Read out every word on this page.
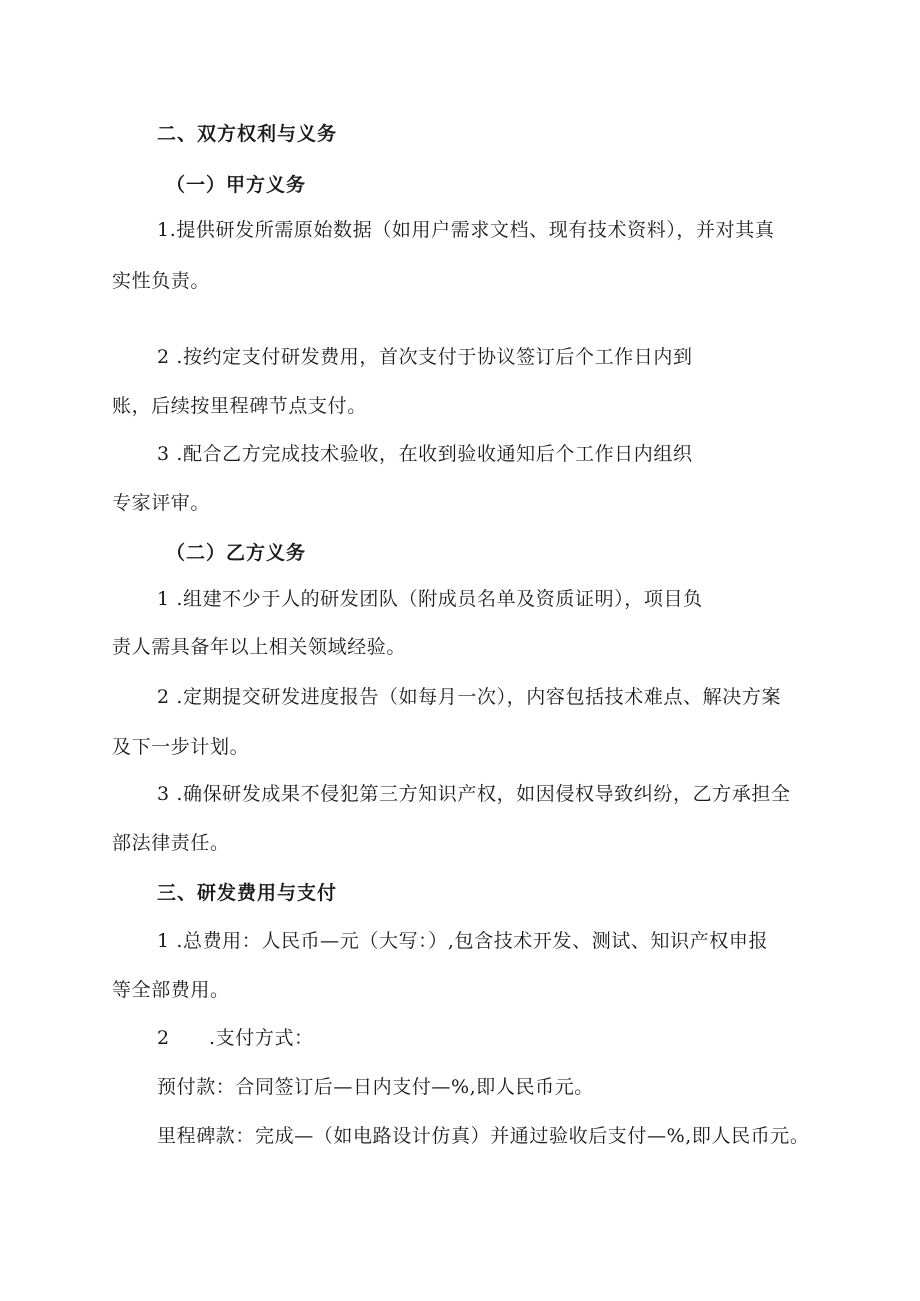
二、双方权利与义务
（一）甲方义务
1.提供研发所需原始数据（如用户需求文档、现有技术资料），并对其真
实性负责。
2 .按约定支付研发费用，首次支付于协议签订后个工作日内到
账，后续按里程碑节点支付。
3 .配合乙方完成技术验收，在收到验收通知后个工作日内组织
专家评审。
（二）乙方义务
1 .组建不少于人的研发团队（附成员名单及资质证明），项目负
责人需具备年以上相关领域经验。
2 .定期提交研发进度报告（如每月一次），内容包括技术难点、解决方案
及下一步计划。
3 .确保研发成果不侵犯第三方知识产权，如因侵权导致纠纷，乙方承担全
部法律责任。
三、研发费用与支付
1 .总费用：人民币—元（大写：）,包含技术开发、测试、知识产权申报
等全部费用。
2 .支付方式：
预付款：合同签订后—日内支付—%,即人民币元。
里程碑款：完成—（如电路设计仿真）并通过验收后支付—%,即人民币元。
